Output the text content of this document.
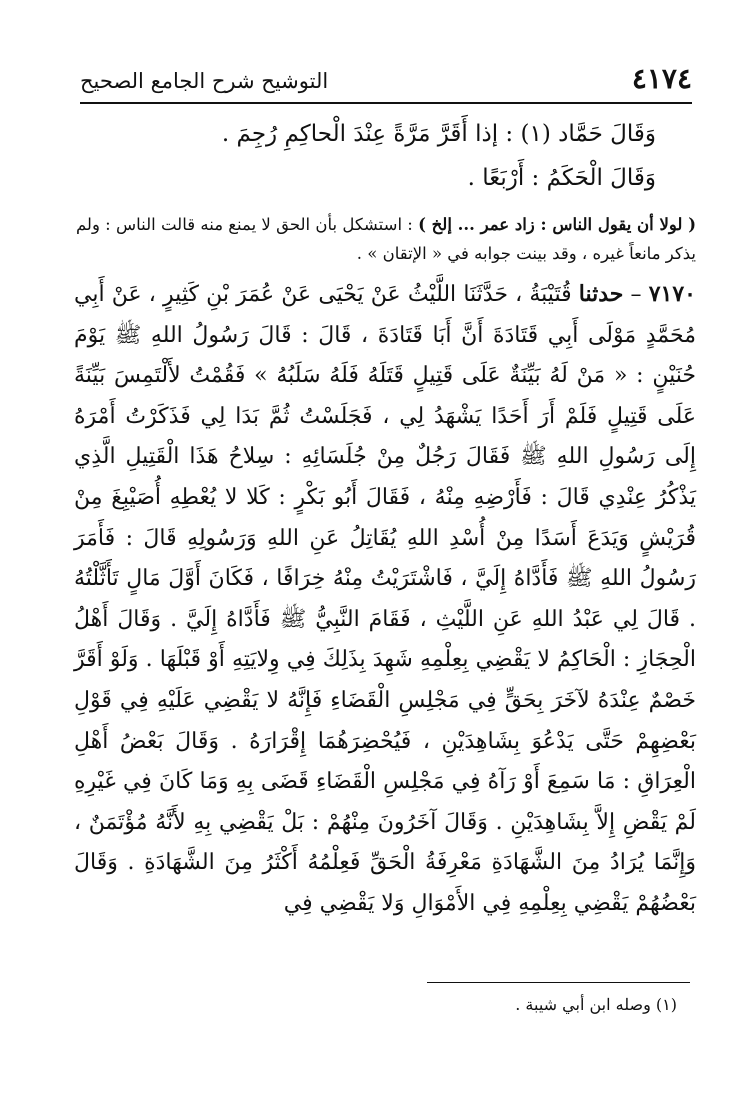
٤١٧٤
التوشيح شرح الجامع الصحيح
وَقَالَ حَمَّاد (١) : إذا أَقَرَّ مَرَّةً عِنْدَ الْحاكِمِ رُجِمَ .
وَقَالَ الْحَكَمُ : أَرْبَعًا .
( لولا أن يقول الناس : زاد عمر ... إلخ ) : استشكل بأن الحق لا يمنع منه قالت الناس : ولم يذكر مانعاً غيره ، وقد بينت جوابه في « الإتقان » .
٧١٧٠ – حدثنا قُتَيْبَةُ ، حَدَّثَنَا اللَّيْثُ عَنْ يَحْيَى عَنْ عُمَرَ بْنِ كَثِيرٍ ، عَنْ أَبِي مُحَمَّدٍ مَوْلَى أَبِي قَتَادَةَ أَنَّ أَبَا قَتَادَةَ ، قَالَ : قَالَ رَسُولُ اللهِ ﷺ يَوْمَ حُنَيْنٍ : « مَنْ لَهُ بَيِّنَةٌ عَلَى قَتِيلٍ قَتَلَهُ فَلَهُ سَلَبُهُ » فَقُمْتُ لأَلْتَمِسَ بَيِّنَةً عَلَى قَتِيلٍ فَلَمْ أَرَ أَحَدًا يَشْهَدُ لِي ، فَجَلَسْتُ ثُمَّ بَدَا لِي فَذَكَرْتُ أَمْرَهُ إِلَى رَسُولِ اللهِ ﷺ فَقَالَ رَجُلٌ مِنْ جُلَسَائِهِ : سِلاحُ هَذَا الْقَتِيلِ الَّذِي يَذْكُرُ عِنْدِي قَالَ : فَأَرْضِهِ مِنْهُ ، فَقَالَ أَبُو بَكْرٍ : كَلا لا يُعْطِهِ أُصَيْبِغَ مِنْ قُرَيْشٍ وَيَدَعَ أَسَدًا مِنْ أُسْدِ اللهِ يُقَاتِلُ عَنِ اللهِ وَرَسُولِهِ قَالَ : فَأَمَرَ رَسُولُ اللهِ ﷺ فَأَدَّاهُ إِلَيَّ ، فَاشْتَرَيْتُ مِنْهُ خِرَافًا ، فَكَانَ أَوَّلَ مَالٍ تَأَثَّلْتُهُ . قَالَ لِي عَبْدُ اللهِ عَنِ اللَّيْثِ ، فَقَامَ النَّبِيُّ ﷺ فَأَدَّاهُ إِلَيَّ . وَقَالَ أَهْلُ الْحِجَازِ : الْحَاكِمُ لا يَقْضِي بِعِلْمِهِ شَهِدَ بِذَلِكَ فِي وِلايَتِهِ أَوْ قَبْلَهَا . وَلَوْ أَقَرَّ خَصْمٌ عِنْدَهُ لآخَرَ بِحَقٍّ فِي مَجْلِسِ الْقَضَاءِ فَإِنَّهُ لا يَقْضِي عَلَيْهِ فِي قَوْلِ بَعْضِهِمْ حَتَّى يَدْعُوَ بِشَاهِدَيْنِ ، فَيُحْضِرَهُمَا إِقْرَارَهُ . وَقَالَ بَعْضُ أَهْلِ الْعِرَاقِ : مَا سَمِعَ أَوْ رَآهُ فِي مَجْلِسِ الْقَضَاءِ قَضَى بِهِ وَمَا كَانَ فِي غَيْرِهِ لَمْ يَقْضِ إِلاَّ بِشَاهِدَيْنِ . وَقَالَ آخَرُونَ مِنْهُمْ : بَلْ يَقْضِي بِهِ لأَنَّهُ مُؤْتَمَنٌ ، وَإِنَّمَا يُرَادُ مِنَ الشَّهَادَةِ مَعْرِفَةُ الْحَقِّ فَعِلْمُهُ أَكْثَرُ مِنَ الشَّهَادَةِ . وَقَالَ بَعْضُهُمْ يَقْضِي بِعِلْمِهِ فِي الأَمْوَالِ وَلا يَقْضِي فِي
(١) وصله ابن أبي شيبة .
